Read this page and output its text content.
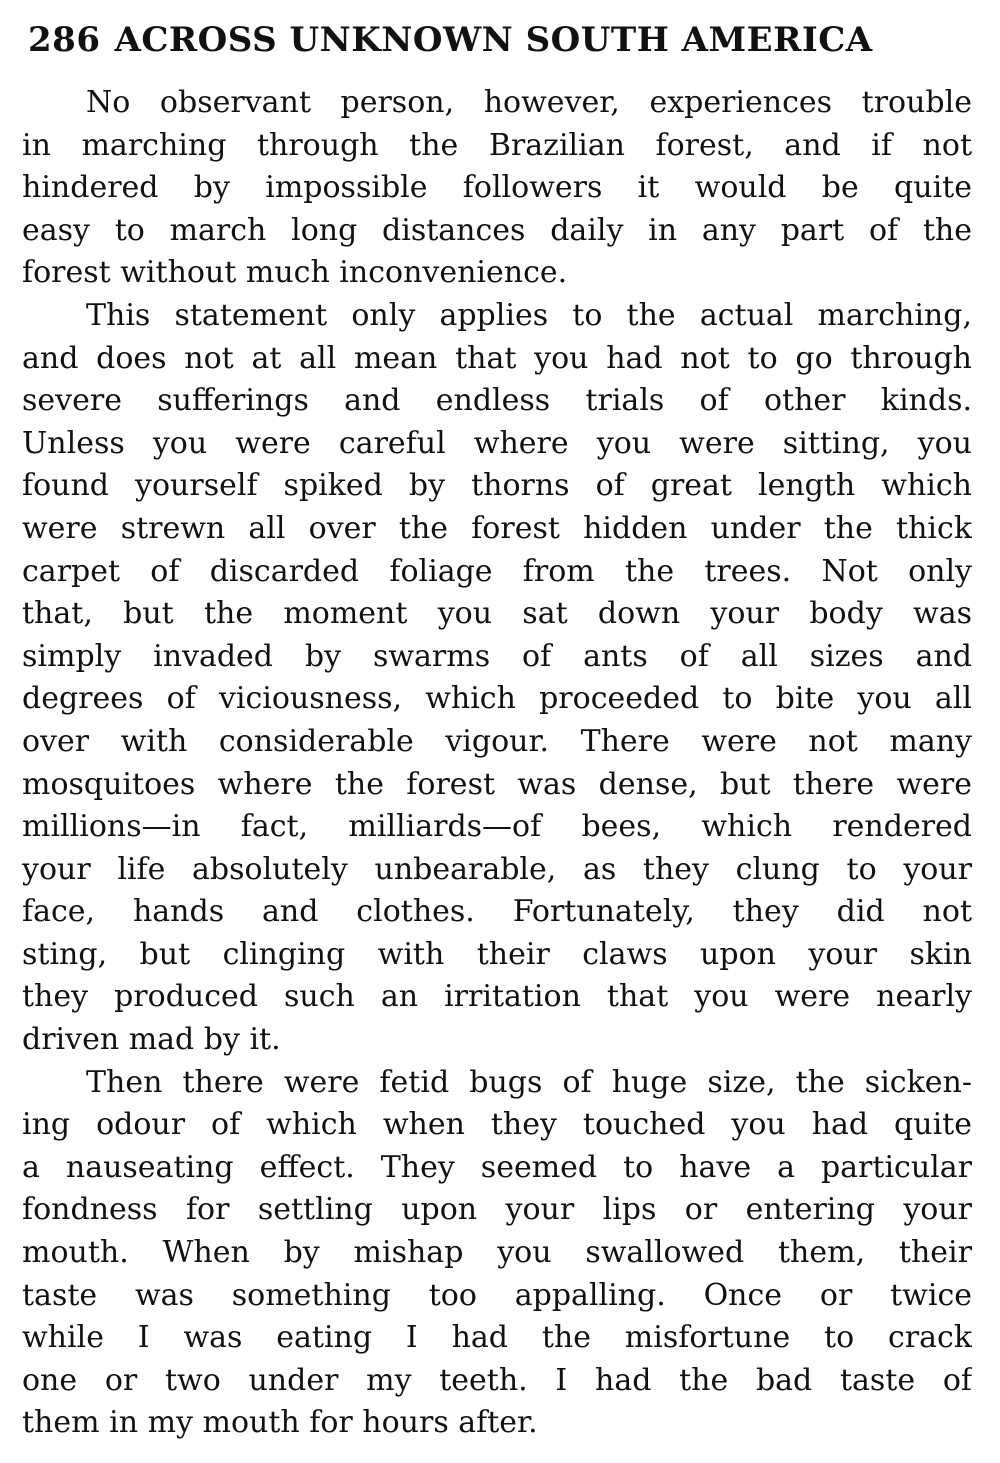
286 ACROSS UNKNOWN SOUTH AMERICA
No observant person, however, experiences trouble
in marching through the Brazilian forest, and if not
hindered by impossible followers it would be quite
easy to march long distances daily in any part of the
forest without much inconvenience.
This statement only applies to the actual marching,
and does not at all mean that you had not to go through
severe sufferings and endless trials of other kinds.
Unless you were careful where you were sitting, you
found yourself spiked by thorns of great length which
were strewn all over the forest hidden under the thick
carpet of discarded foliage from the trees. Not only
that, but the moment you sat down your body was
simply invaded by swarms of ants of all sizes and
degrees of viciousness, which proceeded to bite you all
over with considerable vigour. There were not many
mosquitoes where the forest was dense, but there were
millions—in fact, milliards—of bees, which rendered
your life absolutely unbearable, as they clung to your
face, hands and clothes. Fortunately, they did not
sting, but clinging with their claws upon your skin
they produced such an irritation that you were nearly
driven mad by it.
Then there were fetid bugs of huge size, the sicken-
ing odour of which when they touched you had quite
a nauseating effect. They seemed to have a particular
fondness for settling upon your lips or entering your
mouth. When by mishap you swallowed them, their
taste was something too appalling. Once or twice
while I was eating I had the misfortune to crack
one or two under my teeth. I had the bad taste of
them in my mouth for hours after.
